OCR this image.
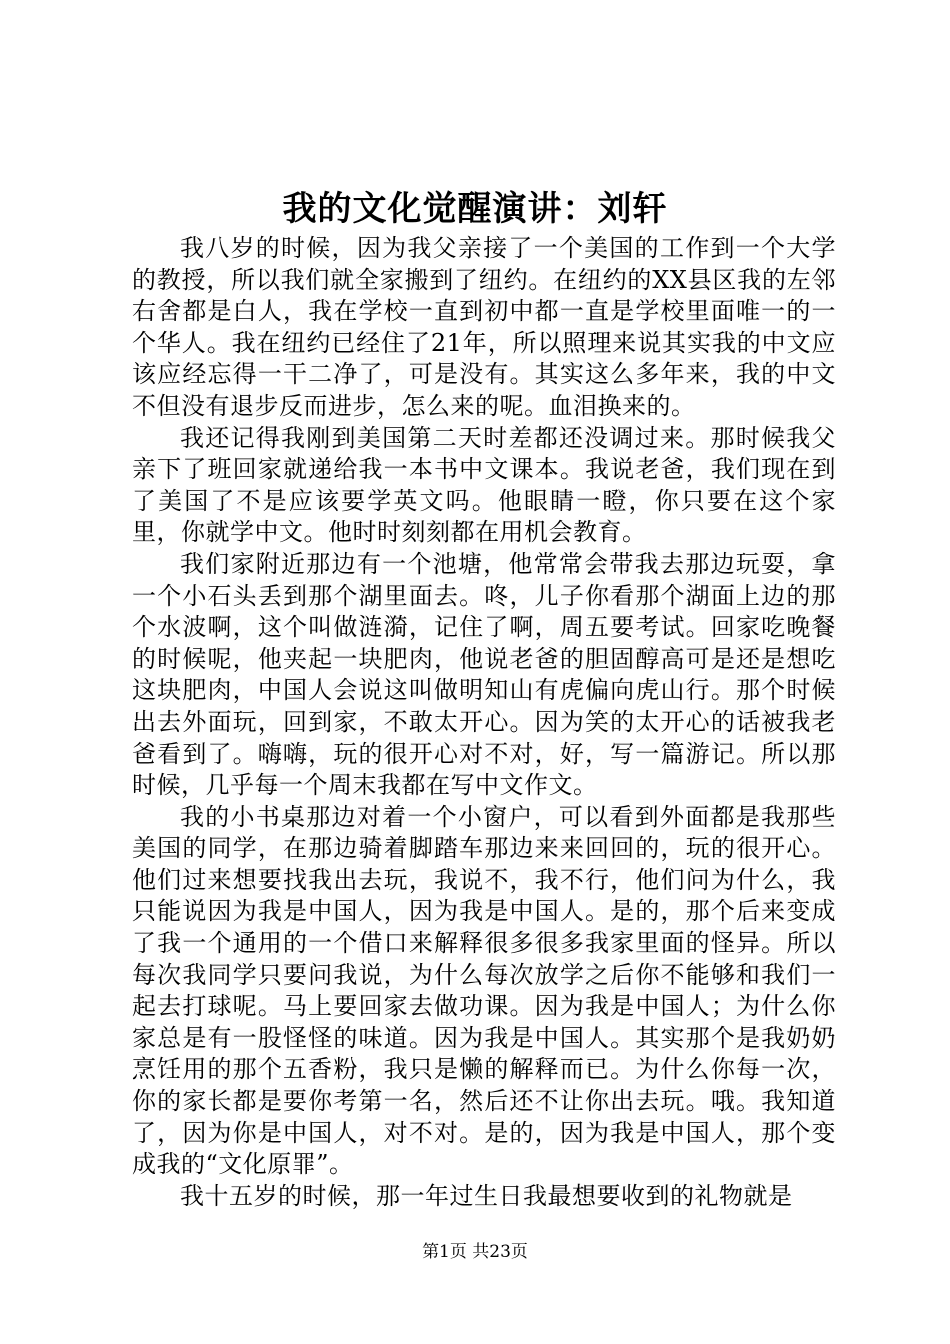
我的文化觉醒演讲：刘轩

我八岁的时候，因为我父亲接了一个美国的工作到一个大学的教授，所以我们就全家搬到了纽约。在纽约的XX县区我的左邻右舍都是白人，我在学校一直到初中都一直是学校里面唯一的一个华人。我在纽约已经住了21年，所以照理来说其实我的中文应该应经忘得一干二净了，可是没有。其实这么多年来，我的中文不但没有退步反而进步，怎么来的呢。血泪换来的。

我还记得我刚到美国第二天时差都还没调过来。那时候我父亲下了班回家就递给我一本书中文课本。我说老爸，我们现在到了美国了不是应该要学英文吗。他眼睛一瞪，你只要在这个家里，你就学中文。他时时刻刻都在用机会教育。

我们家附近那边有一个池塘，他常常会带我去那边玩耍，拿一个小石头丢到那个湖里面去。咚，儿子你看那个湖面上边的那个水波啊，这个叫做涟漪，记住了啊，周五要考试。回家吃晚餐的时候呢，他夹起一块肥肉，他说老爸的胆固醇高可是还是想吃这块肥肉，中国人会说这叫做明知山有虎偏向虎山行。那个时候出去外面玩，回到家，不敢太开心。因为笑的太开心的话被我老爸看到了。嗨嗨，玩的很开心对不对，好，写一篇游记。所以那时候，几乎每一个周末我都在写中文作文。

我的小书桌那边对着一个小窗户，可以看到外面都是我那些美国的同学，在那边骑着脚踏车那边来来回回的，玩的很开心。他们过来想要找我出去玩，我说不，我不行，他们问为什么，我只能说因为我是中国人，因为我是中国人。是的，那个后来变成了我一个通用的一个借口来解释很多很多我家里面的怪异。所以每次我同学只要问我说，为什么每次放学之后你不能够和我们一起去打球呢。马上要回家去做功课。因为我是中国人；为什么你家总是有一股怪怪的味道。因为我是中国人。其实那个是我奶奶烹饪用的那个五香粉，我只是懒的解释而已。为什么你每一次，你的家长都是要你考第一名，然后还不让你出去玩。哦。我知道了，因为你是中国人，对不对。是的，因为我是中国人，那个变成我的“文化原罪”。

我十五岁的时候，那一年过生日我最想要收到的礼物就是

第1页 共23页
